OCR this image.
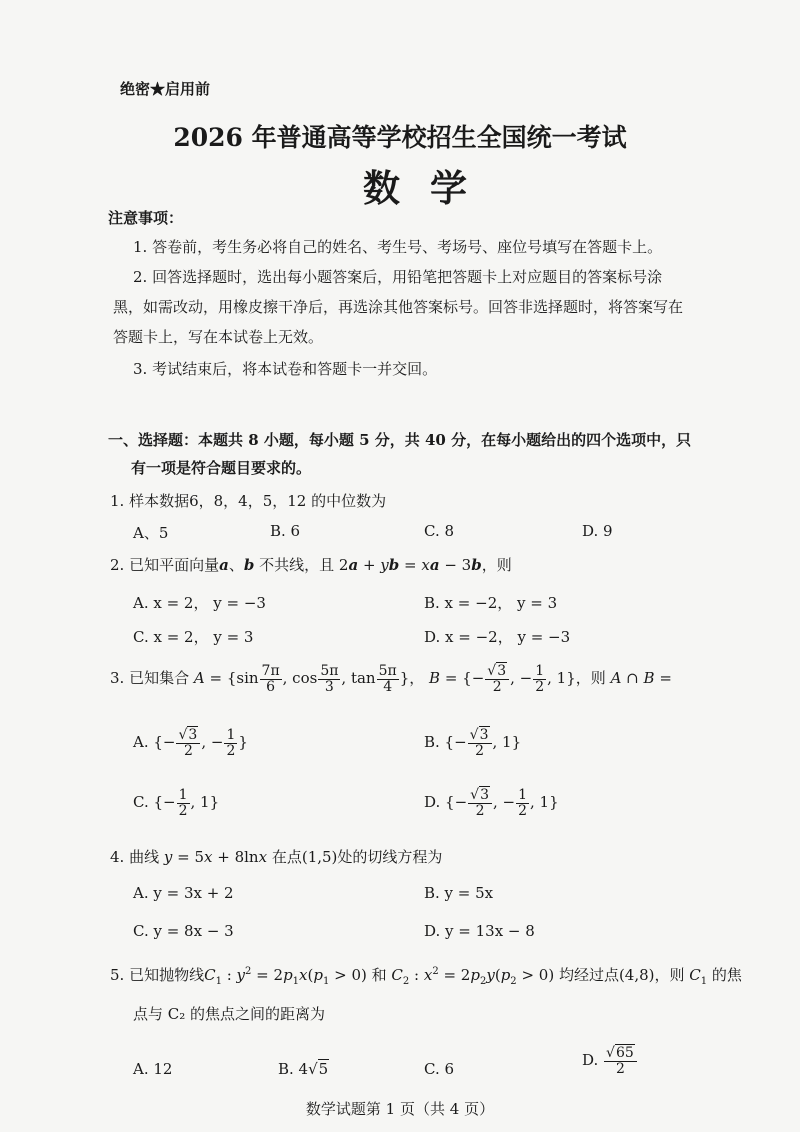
绝密★启用前
2026 年普通高等学校招生全国统一考试
数学
注意事项：
1. 答卷前，考生务必将自己的姓名、考生号、考场号、座位号填写在答题卡上。
2. 回答选择题时，选出每小题答案后，用铅笔把答题卡上对应题目的答案标号涂
黑，如需改动，用橡皮擦干净后，再选涂其他答案标号。回答非选择题时，将答案写在
答题卡上，写在本试卷上无效。
3. 考试结束后，将本试卷和答题卡一并交回。
一、选择题：本题共 8 小题，每小题 5 分，共 40 分，在每小题给出的四个选项中，只
有一项是符合题目要求的。
1. 样本数据6，8，4，5，12 的中位数为
A、5	B. 6	C. 8	D. 9
2. 已知平面向量a、b 不共线，且 2a + yb = xa − 3b，则
A. x = 2， y = −3	B. x = −2， y = 3
C. x = 2， y = 3	D. x = −2， y = −3
3. 已知集合 $A = \{\sin \frac{7\pi}{6}$ , $\cos \frac{5\pi}{3}$ , $\tan \frac{5\pi}{4}$ }， B = {− $\frac{√3}{2}$ , − $\frac{1}{2}$ , 1}，则 A ∩ B =
A. {− $\frac{√3}{2}$ , − $\frac{1}{2}$ }	B. {− $\frac{√3}{2}$ , 1}
C. {− $\frac{1}{2}$ , 1}	D. {− $\frac{√3}{2}$ , − $\frac{1}{2}$ , 1}
4. 曲线 y = 5x + 8lnx 在点(1,5)处的切线方程为
A. y = 3x + 2	B. y = 5x
C. y = 8x − 3	D. y = 13x − 8
5. 已知抛物线$C_1$ : $y^2 = 2p_1x(p_1 > 0)$ 和 $C_2$ : $x^2 = 2p_2y(p_2 > 0)$ 均经过点(4,8)，则 $C_1$ 的焦
点与 C₂ 的焦点之间的距离为
A. 12	B. 4√5	C. 6	D. $\frac{√65}{2}$
数学试题第 1 页（共 4 页）
